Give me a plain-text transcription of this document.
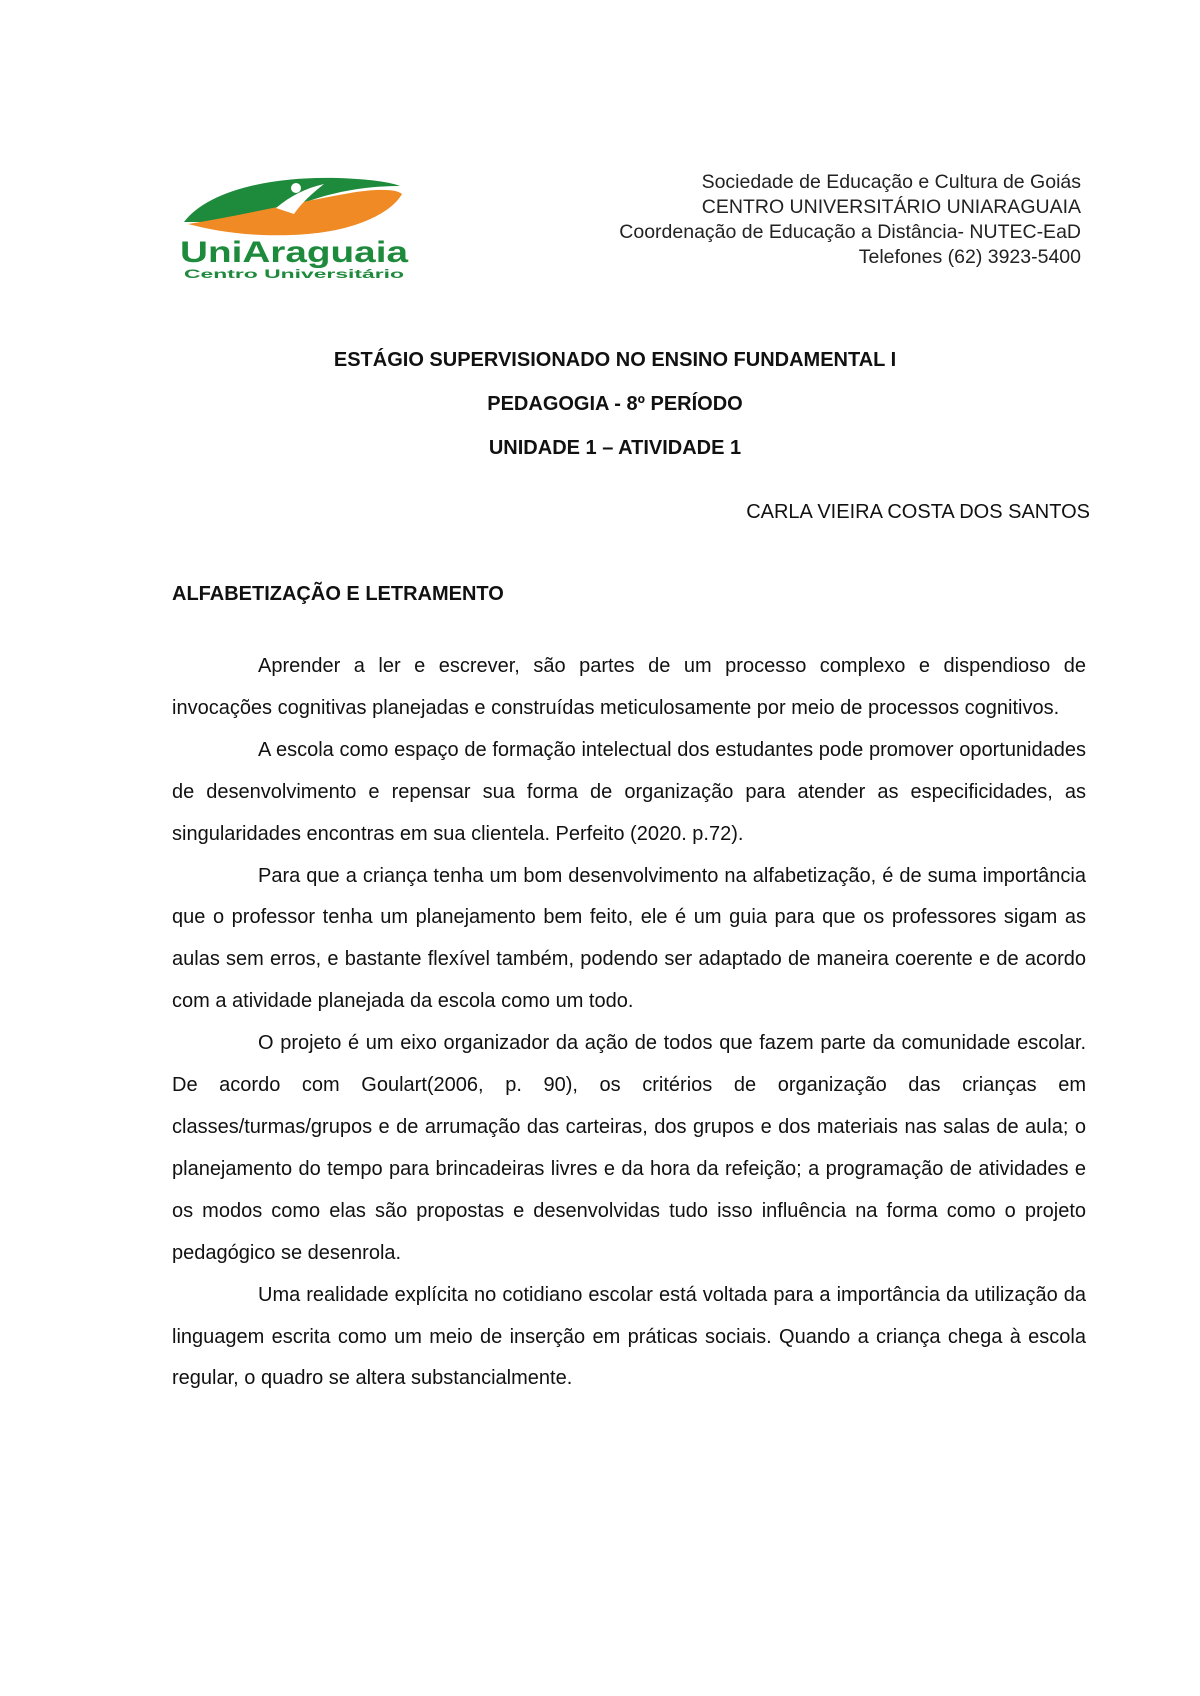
UniAraguaia
Centro Universitário
Sociedade de Educação e Cultura de Goiás
CENTRO UNIVERSITÁRIO UNIARAGUAIA
Coordenação de Educação a Distância- NUTEC-EaD
Telefones (62) 3923-5400
ESTÁGIO SUPERVISIONADO NO ENSINO FUNDAMENTAL I
PEDAGOGIA - 8º PERÍODO
UNIDADE 1 – ATIVIDADE 1
CARLA VIEIRA COSTA DOS SANTOS
ALFABETIZAÇÃO E LETRAMENTO

Aprender a ler e escrever, são partes de um processo complexo e dispendioso de invocações cognitivas planejadas e construídas meticulosamente por meio de processos cognitivos.

A escola como espaço de formação intelectual dos estudantes pode promover oportunidades de desenvolvimento e repensar sua forma de organização para atender as especificidades, as singularidades encontras em sua clientela. Perfeito (2020. p.72).

Para que a criança tenha um bom desenvolvimento na alfabetização, é de suma importância que o professor tenha um planejamento bem feito, ele é um guia para que os professores sigam as aulas sem erros, e bastante flexível também, podendo ser adaptado de maneira coerente e de acordo com a atividade planejada da escola como um todo.

O projeto é um eixo organizador da ação de todos que fazem parte da comunidade escolar. De acordo com Goulart(2006, p. 90), os critérios de organização das crianças em classes/turmas/grupos e de arrumação das carteiras, dos grupos e dos materiais nas salas de aula; o planejamento do tempo para brincadeiras livres e da hora da refeição; a programação de atividades e os modos como elas são propostas e desenvolvidas tudo isso influência na forma como o projeto pedagógico se desenrola.

Uma realidade explícita no cotidiano escolar está voltada para a importância da utilização da linguagem escrita como um meio de inserção em práticas sociais. Quando a criança chega à escola regular, o quadro se altera substancialmente.
